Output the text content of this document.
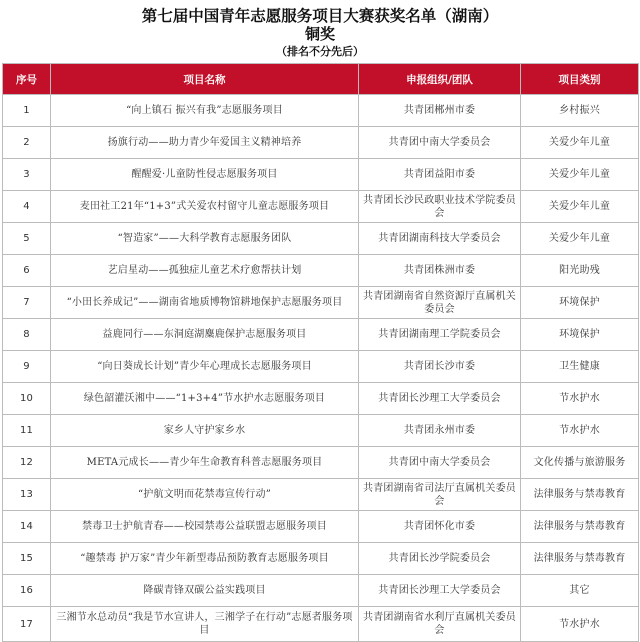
第七届中国青年志愿服务项目大赛获奖名单（湖南）
铜奖
（排名不分先后）
序号	项目名称	申报组织/团队	项目类别
1	“向上镇石 振兴有我”志愿服务项目	共青团郴州市委	乡村振兴
2	扬旗行动——助力青少年爱国主义精神培养	共青团中南大学委员会	关爱少年儿童
3	醒醒爱·儿童防性侵志愿服务项目	共青团益阳市委	关爱少年儿童
4	麦田社工21年“1+3”式关爱农村留守儿童志愿服务项目	共青团长沙民政职业技术学院委员会	关爱少年儿童
5	“智造家”——大科学教育志愿服务团队	共青团湖南科技大学委员会	关爱少年儿童
6	艺启星动——孤独症儿童艺术疗愈帮扶计划	共青团株洲市委	阳光助残
7	“小田长养成记”——湖南省地质博物馆耕地保护志愿服务项目	共青团湖南省自然资源厅直属机关委员会	环境保护
8	益鹿同行——东洞庭湖麋鹿保护志愿服务项目	共青团湖南理工学院委员会	环境保护
9	“向日葵成长计划”青少年心理成长志愿服务项目	共青团长沙市委	卫生健康
10	绿色韶灌沃湘中——“1+3+4”节水护水志愿服务项目	共青团长沙理工大学委员会	节水护水
11	家乡人守护家乡水	共青团永州市委	节水护水
12	META元成长——青少年生命教育科普志愿服务项目	共青团中南大学委员会	文化传播与旅游服务
13	“护航文明而花禁毒宣传行动”	共青团湖南省司法厅直属机关委员会	法律服务与禁毒教育
14	禁毒卫士护航青春——校园禁毒公益联盟志愿服务项目	共青团怀化市委	法律服务与禁毒教育
15	“趣禁毒 护万家”青少年新型毒品预防教育志愿服务项目	共青团长沙学院委员会	法律服务与禁毒教育
16	降碳青锋双碳公益实践项目	共青团长沙理工大学委员会	其它
17	三湘节水总动员“我是节水宣讲人，三湘学子在行动”志愿者服务项目	共青团湖南省水利厅直属机关委员会	节水护水
